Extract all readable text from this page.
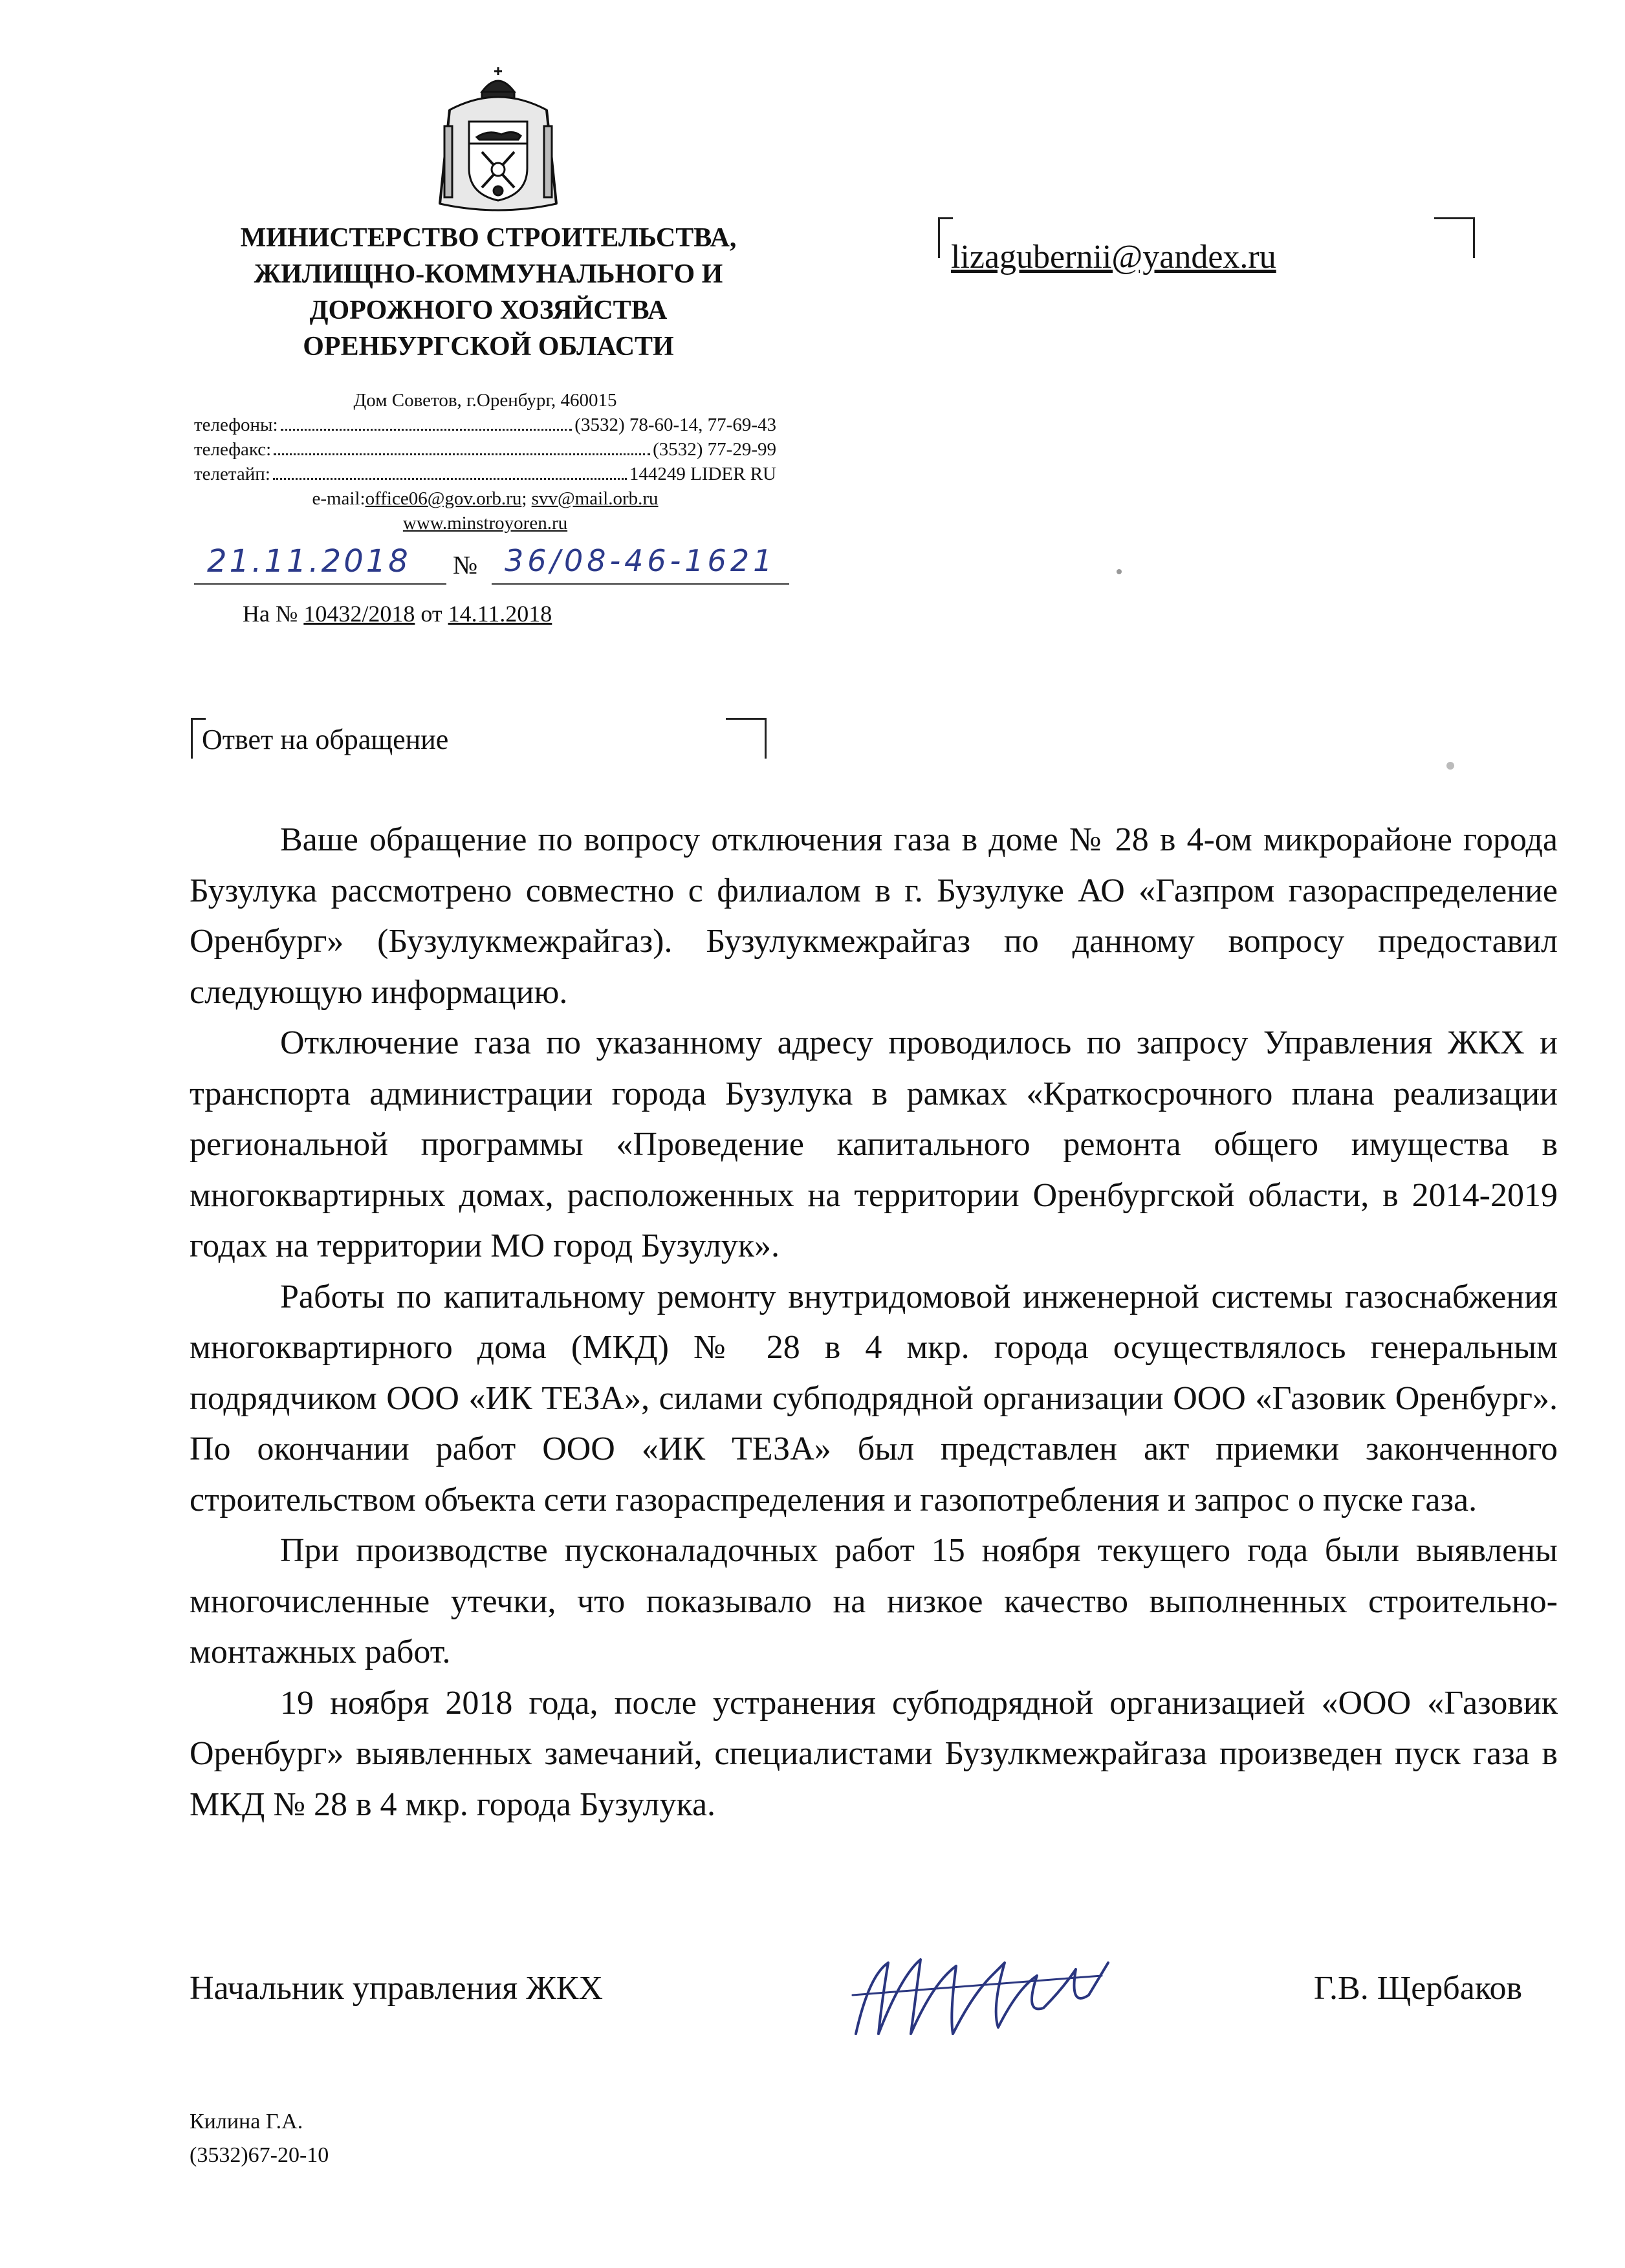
МИНИСТЕРСТВО СТРОИТЕЛЬСТВА,
ЖИЛИЩНО-КОММУНАЛЬНОГО И
ДОРОЖНОГО ХОЗЯЙСТВА
ОРЕНБУРГСКОЙ ОБЛАСТИ
Дом Советов, г.Оренбург, 460015
телефоны:	(3532) 78-60-14, 77-69-43
телефакс:	(3532) 77-29-99
телетайп:	144249 LIDER RU
e-mail:office06@gov.orb.ru; svv@mail.orb.ru
www.minstroyoren.ru
21.11.2018	№ 36/08-46-1621
На № 10432/2018 от 14.11.2018
lizagubernii@yandex.ru
Ответ на обращение

Ваше обращение по вопросу отключения газа в доме № 28 в 4-ом микрорайоне города Бузулука рассмотрено совместно с филиалом в г. Бузулуке АО «Газпром газораспределение Оренбург» (Бузулукмежрайгаз). Бузулукмежрайгаз по данному вопросу предоставил следующую информацию.

Отключение газа по указанному адресу проводилось по запросу Управления ЖКХ и транспорта администрации города Бузулука в рамках «Краткосрочного плана реализации региональной программы «Проведение капитального ремонта общего имущества в многоквартирных домах, расположенных на территории Оренбургской области, в 2014-2019 годах на территории МО город Бузулук».

Работы по капитальному ремонту внутридомовой инженерной системы газоснабжения многоквартирного дома (МКД) № 28 в 4 мкр. города осуществлялось генеральным подрядчиком ООО «ИК ТЕЗА», силами субподрядной организации ООО «Газовик Оренбург». По окончании работ ООО «ИК ТЕЗА» был представлен акт приемки законченного строительством объекта сети газораспределения и газопотребления и запрос о пуске газа.

При производстве пусконаладочных работ 15 ноября текущего года были выявлены многочисленные утечки, что показывало на низкое качество выполненных строительно-монтажных работ.

19 ноября 2018 года, после устранения субподрядной организацией «ООО «Газовик Оренбург» выявленных замечаний, специалистами Бузулкмежрайгаза произведен пуск газа в МКД № 28 в 4 мкр. города Бузулука.

Начальник управления ЖКХ	Г.В. Щербаков
Килина Г.А.
(3532)67-20-10
